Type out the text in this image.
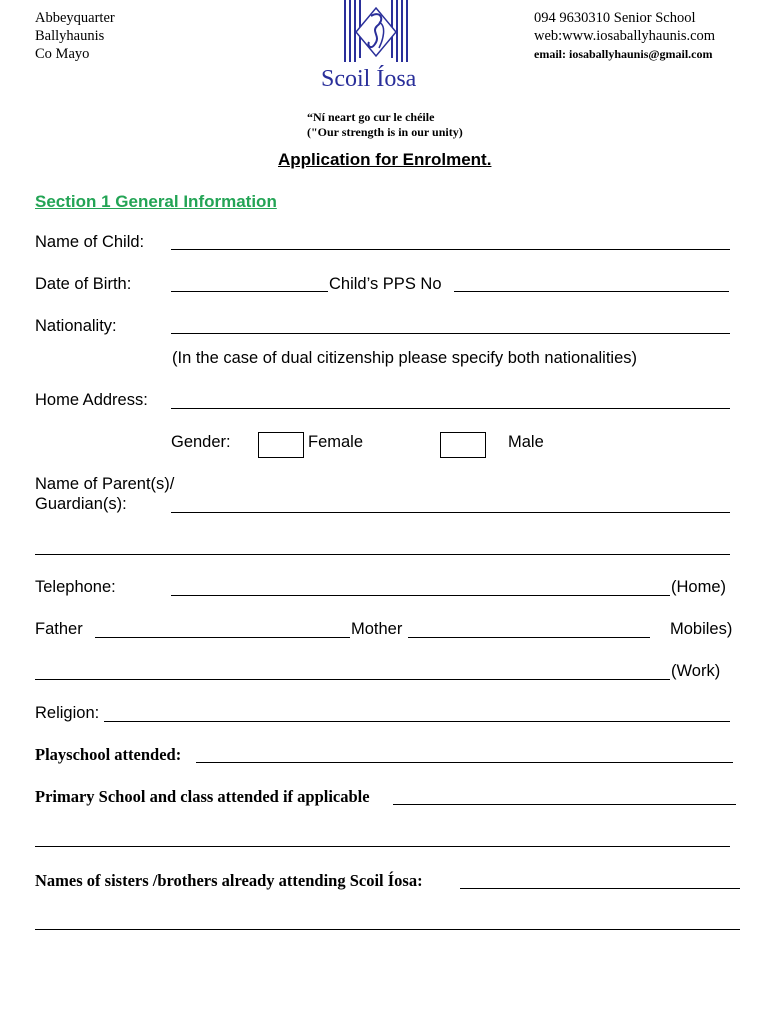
Abbeyquarter
Ballyhaunis
Co Mayo
094 9630310 Senior School
web:www.iosaballyhaunis.com
email: iosaballyhaunis@gmail.com
Scoil Íosa
“Ní neart go cur le chéile
("Our strength is in our unity)
Application for Enrolment.
Section 1 General Information
Name of Child:
Date of Birth:	Child’s PPS No
Nationality:
(In the case of dual citizenship please specify both nationalities)
Home Address:
Gender:	Female	Male
Name of Parent(s)/
Guardian(s):
Telephone:	(Home)
Father	Mother	Mobiles)
(Work)
Religion:
Playschool attended:
Primary School and class attended if applicable
Names of sisters /brothers already attending Scoil Íosa:
